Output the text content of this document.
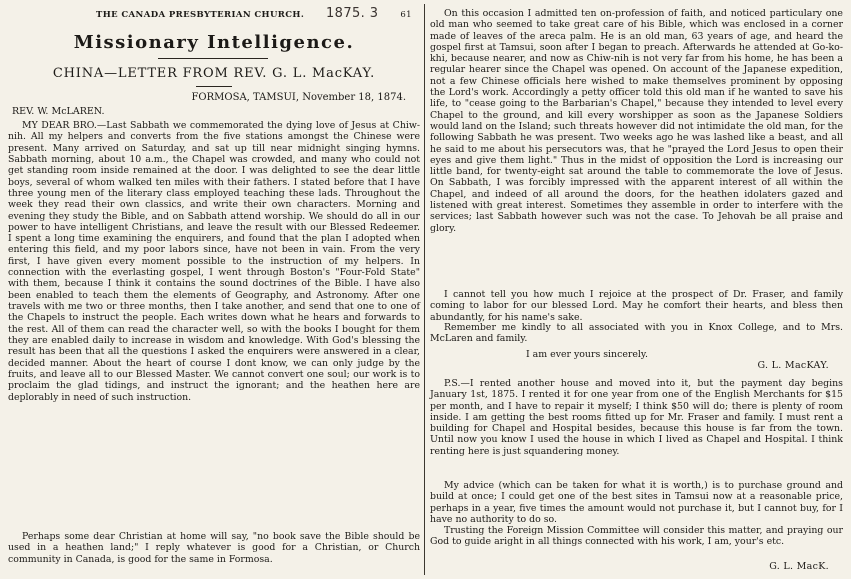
THE CANADA PRESBYTERIAN CHURCH. 1875. 3	61
Missionary Intelligence.
CHINA—LETTER FROM REV. G. L. MacKAY.
FORMOSA, TAMSUI, November 18, 1874.
REV. W. McLAREN.

MY DEAR BRO.—Last Sabbath we commemorated the dying love of Jesus at Chiw-nih. All my helpers and converts from the five stations amongst the Chinese were present. Many arrived on Saturday, and sat up till near midnight singing hymns. Sabbath morning, about 10 a.m., the Chapel was crowded, and many who could not get standing room inside remained at the door. I was delighted to see the dear little boys, several of whom walked ten miles with their fathers. I stated before that I have three young men of the literary class employed teaching these lads. Throughout the week they read their own classics, and write their own characters. Morning and evening they study the Bible, and on Sabbath attend worship. We should do all in our power to have intelligent Christians, and leave the result with our Blessed Redeemer. I spent a long time examining the enquirers, and found that the plan I adopted when entering this field, and my poor labors since, have not been in vain. From the very first, I have given every moment possible to the instruction of my helpers. In connection with the everlasting gospel, I went through Boston's "Four-Fold State" with them, because I think it contains the sound doctrines of the Bible. I have also been enabled to teach them the elements of Geography, and Astronomy. After one travels with me two or three months, then I take another, and send that one to one of the Chapels to instruct the people. Each writes down what he hears and forwards to the rest. All of them can read the character well, so with the books I bought for them they are enabled daily to increase in wisdom and knowledge. With God's blessing the result has been that all the questions I asked the enquirers were answered in a clear, decided manner. About the heart of course I dont know, we can only judge by the fruits, and leave all to our Blessed Master. We cannot convert one soul; our work is to proclaim the glad tidings, and instruct the ignorant; and the heathen here are deplorably in need of such instruction.

Perhaps some dear Christian at home will say, "no book save the Bible should be used in a heathen land;" I reply whatever is good for a Christian, or Church community in Canada, is good for the same in Formosa.

On this occasion I admitted ten on-profession of faith, and noticed particulary one old man who seemed to take great care of his Bible, which was enclosed in a corner made of leaves of the areca palm. He is an old man, 63 years of age, and heard the gospel first at Tamsui, soon after I began to preach. Afterwards he attended at Go-ko-khi, because nearer, and now as Chiw-nih is not very far from his home, he has been a regular hearer since the Chapel was opened. On account of the Japanese expedition, not a few Chinese officials here wished to make themselves prominent by opposing the Lord's work. Accordingly a petty officer told this old man if he wanted to save his life, to "cease going to the Barbarian's Chapel," because they intended to level every Chapel to the ground, and kill every worshipper as soon as the Japanese Soldiers would land on the Island; such threats however did not intimidate the old man, for the following Sabbath he was present. Two weeks ago he was lashed like a beast, and all he said to me about his persecutors was, that he "prayed the Lord Jesus to open their eyes and give them light." Thus in the midst of opposition the Lord is increasing our little band, for twenty-eight sat around the table to commemorate the love of Jesus. On Sabbath, I was forcibly impressed with the apparent interest of all within the Chapel, and indeed of all around the doors, for the heathen idolaters gazed and listened with great interest. Sometimes they assemble in order to interfere with the services; last Sabbath however such was not the case. To Jehovah be all praise and glory.

I cannot tell you how much I rejoice at the prospect of Dr. Fraser, and family coming to labor for our blessed Lord. May he comfort their hearts, and bless then abundantly, for his name's sake.

Remember me kindly to all associated with you in Knox College, and to Mrs. McLaren and family.

I am ever yours sincerely.
G. L. MacKAY.

P.S.—I rented another house and moved into it, but the payment day begins January 1st, 1875. I rented it for one year from one of the English Merchants for $15 per month, and I have to repair it myself; I think $50 will do; there is plenty of room inside. I am getting the best rooms fitted up for Mr. Fraser and family. I must rent a building for Chapel and Hospital besides, because this house is far from the town. Until now you know I used the house in which I lived as Chapel and Hospital. I think renting here is just squandering money.

My advice (which can be taken for what it is worth,) is to purchase ground and build at once; I could get one of the best sites in Tamsui now at a reasonable price, perhaps in a year, five times the amount would not purchase it, but I cannot buy, for I have no authority to do so.

Trusting the Foreign Mission Committee will consider this matter, and praying our God to guide aright in all things connected with his work, I am, your's etc.

G. L. MacK.
